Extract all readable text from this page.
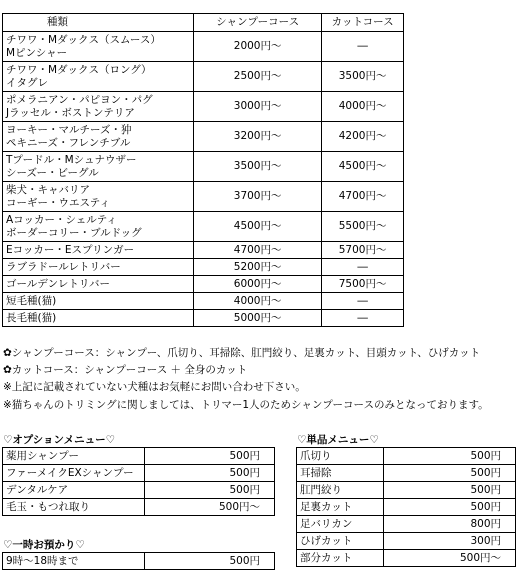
種類	シャンプーコース	カットコース

チワワ・Mダックス（スムース）
Mピンシャー	2000円～	―

チワワ・Mダックス（ロング）
イタグレ	2500円～	3500円～

ポメラニアン・パピヨン・パグ
Jラッセル・ボストンテリア	3000円～	4000円～

ヨーキー・マルチーズ・狆
ペキニーズ・フレンチブル	3200円～	4200円～

Tプードル・Mシュナウザー
シーズー・ビーグル	3500円～	4500円～

柴犬・キャバリア
コーギー・ウエスティ	3700円～	4700円～

Aコッカー・シェルティ
ボーダーコリー・ブルドッグ	4500円～	5500円～

Eコッカー・Eスプリンガー	4700円～	5700円～

ラブラドールレトリバー	5200円～	―

ゴールデンレトリバー	6000円～	7500円～

短毛種(猫)	4000円～	―

長毛種(猫)	5000円～	―
✿シャンプーコース：シャンプー、爪切り、耳掃除、肛門絞り、足裏カット、目頭カット、ひげカット
✿カットコース：シャンプーコース ＋ 全身のカット
※上記に記載されていない犬種はお気軽にお問い合わせ下さい。
※猫ちゃんのトリミングに関しましては、トリマー1人のためシャンプーコースのみとなっております。
♡オプションメニュー♡
薬用シャンプー	500円
ファーメイクEXシャンプー	500円
デンタルケア	500円
毛玉・もつれ取り	500円～
♡単品メニュー♡
爪切り	500円
耳掃除	500円
肛門絞り	500円
足裏カット	500円
足バリカン	800円
ひげカット	300円
部分カット	500円～
♡一時お預かり♡
9時～18時まで	500円
